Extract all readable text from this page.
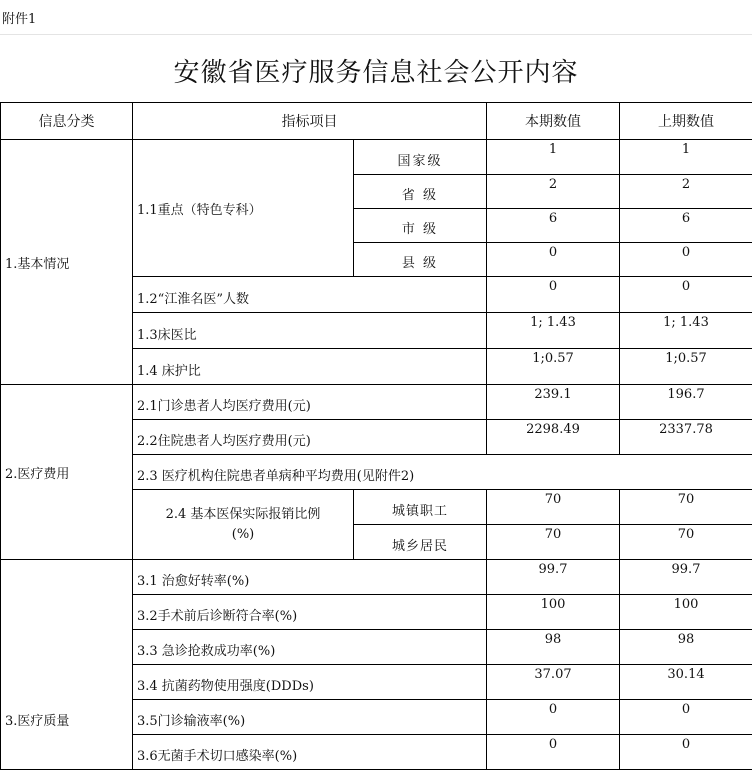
附件1
安徽省医疗服务信息社会公开内容
信息分类	指标项目		本期数值	上期数值
1.基本情况	1.1重点（特色专科）	国家级	1	1
		省 级	2	2
		市 级	6	6
		县 级	0	0
	1.2“江淮名医”人数		0	0
	1.3床医比		1; 1.43	1; 1.43
	1.4 床护比		1;0.57	1;0.57
2.医疗费用	2.1门诊患者人均医疗费用(元)		239.1	196.7
	2.2住院患者人均医疗费用(元)		2298.49	2337.78
	2.3 医疗机构住院患者单病种平均费用(见附件2)			

	2.4 基本医保实际报销比例
(%)	城镇职工	70	70
		城乡居民	70	70
3.医疗质量	3.1 治愈好转率(%)		99.7	99.7
	3.2手术前后诊断符合率(%)		100	100
	3.3 急诊抢救成功率(%)		98	98
	3.4 抗菌药物使用强度(DDDs)		37.07	30.14
	3.5门诊输液率(%)		0	0
	3.6无菌手术切口感染率(%)		0	0
